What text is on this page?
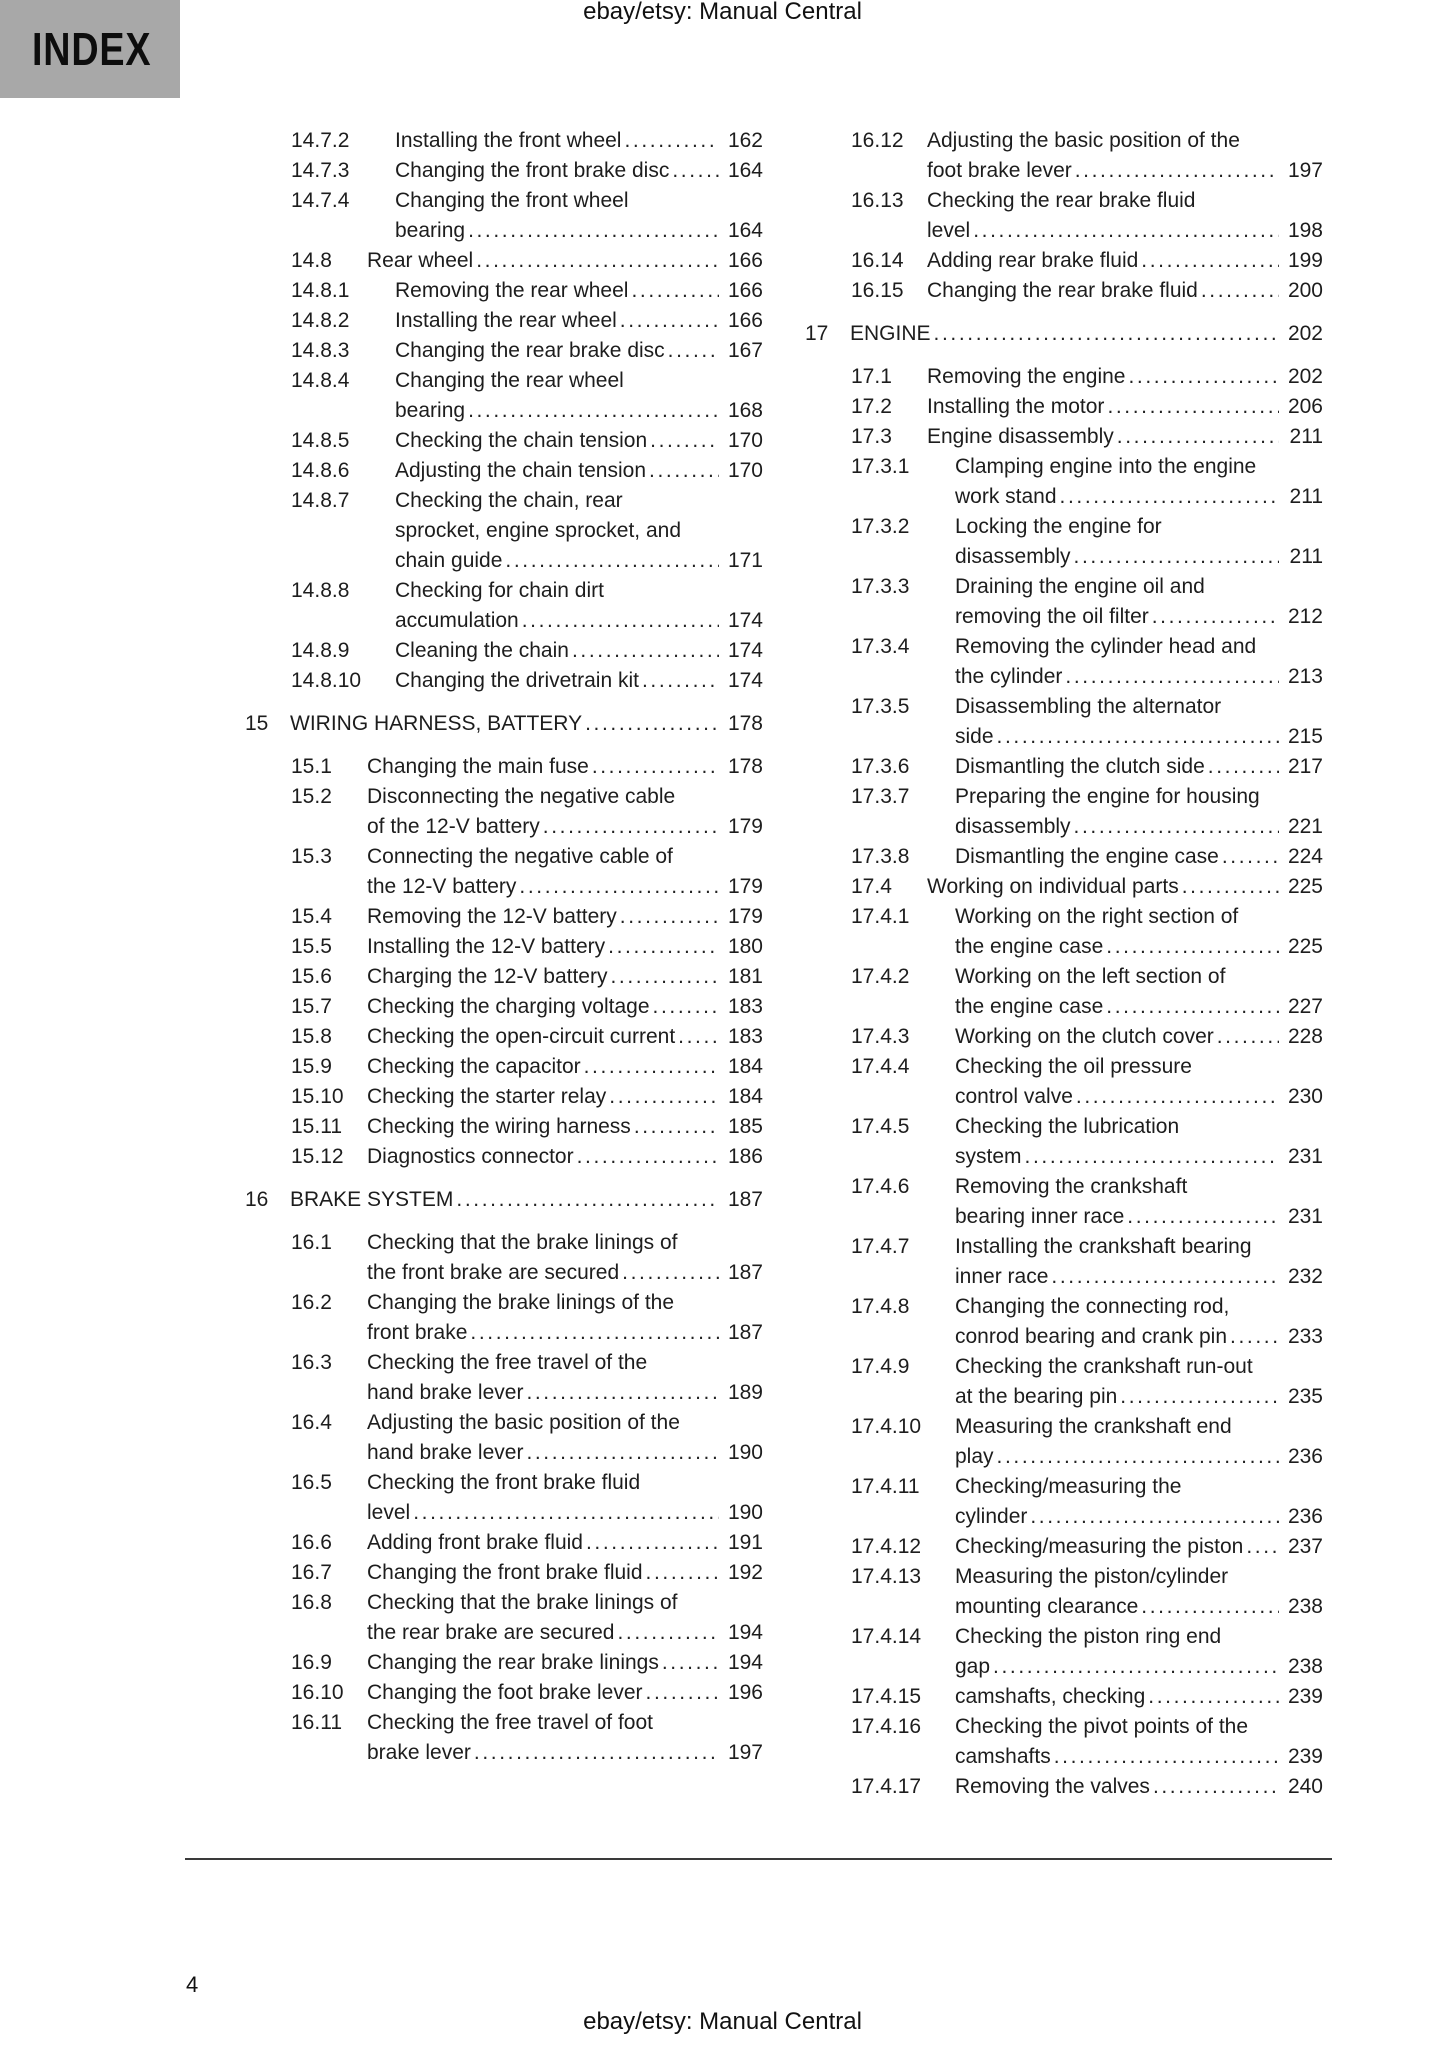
INDEX
ebay/etsy: Manual Central
14.7.2	Installing the front wheel .....	162
14.7.3	Changing the front brake disc .....	164
14.7.4	Changing the front wheel
bearing .....	164
14.8	Rear wheel .....	166
14.8.1	Removing the rear wheel .....	166
14.8.2	Installing the rear wheel .....	166
14.8.3	Changing the rear brake disc .....	167
14.8.4	Changing the rear wheel
bearing .....	168
14.8.5	Checking the chain tension .....	170
14.8.6	Adjusting the chain tension .....	170
14.8.7	Checking the chain, rear
sprocket, engine sprocket, and
chain guide .....	171
14.8.8	Checking for chain dirt
accumulation .....	174
14.8.9	Cleaning the chain .....	174
14.8.10	Changing the drivetrain kit .....	174
15	WIRING HARNESS, BATTERY .....	178
15.1	Changing the main fuse .....	178
15.2	Disconnecting the negative cable
of the 12-V battery .....	179
15.3	Connecting the negative cable of
the 12-V battery .....	179
15.4	Removing the 12-V battery .....	179
15.5	Installing the 12-V battery .....	180
15.6	Charging the 12-V battery .....	181
15.7	Checking the charging voltage .....	183
15.8	Checking the open-circuit current .....	183
15.9	Checking the capacitor .....	184
15.10	Checking the starter relay .....	184
15.11	Checking the wiring harness .....	185
15.12	Diagnostics connector .....	186
16	BRAKE SYSTEM .....	187
16.1	Checking that the brake linings of
the front brake are secured .....	187
16.2	Changing the brake linings of the
front brake .....	187
16.3	Checking the free travel of the
hand brake lever .....	189
16.4	Adjusting the basic position of the
hand brake lever .....	190
16.5	Checking the front brake fluid
level .....	190
16.6	Adding front brake fluid .....	191
16.7	Changing the front brake fluid .....	192
16.8	Checking that the brake linings of
the rear brake are secured .....	194
16.9	Changing the rear brake linings .....	194
16.10	Changing the foot brake lever .....	196
16.11	Checking the free travel of foot
brake lever .....	197
16.12	Adjusting the basic position of the
foot brake lever .....	197
16.13	Checking the rear brake fluid
level .....	198
16.14	Adding rear brake fluid .....	199
16.15	Changing the rear brake fluid .....	200
17	ENGINE .....	202
17.1	Removing the engine .....	202
17.2	Installing the motor .....	206
17.3	Engine disassembly .....	211
17.3.1	Clamping engine into the engine
work stand .....	211
17.3.2	Locking the engine for
disassembly .....	211
17.3.3	Draining the engine oil and
removing the oil filter .....	212
17.3.4	Removing the cylinder head and
the cylinder .....	213
17.3.5	Disassembling the alternator
side .....	215
17.3.6	Dismantling the clutch side .....	217
17.3.7	Preparing the engine for housing
disassembly .....	221
17.3.8	Dismantling the engine case .....	224
17.4	Working on individual parts .....	225
17.4.1	Working on the right section of
the engine case .....	225
17.4.2	Working on the left section of
the engine case .....	227
17.4.3	Working on the clutch cover .....	228
17.4.4	Checking the oil pressure
control valve .....	230
17.4.5	Checking the lubrication
system .....	231
17.4.6	Removing the crankshaft
bearing inner race .....	231
17.4.7	Installing the crankshaft bearing
inner race .....	232
17.4.8	Changing the connecting rod,
conrod bearing and crank pin .....	233
17.4.9	Checking the crankshaft run-out
at the bearing pin .....	235
17.4.10	Measuring the crankshaft end
play .....	236
17.4.11	Checking/measuring the
cylinder .....	236
17.4.12	Checking/measuring the piston .....	237
17.4.13	Measuring the piston/cylinder
mounting clearance .....	238
17.4.14	Checking the piston ring end
gap .....	238
17.4.15	camshafts, checking .....	239
17.4.16	Checking the pivot points of the
camshafts .....	239
17.4.17	Removing the valves .....	240
4
ebay/etsy: Manual Central
